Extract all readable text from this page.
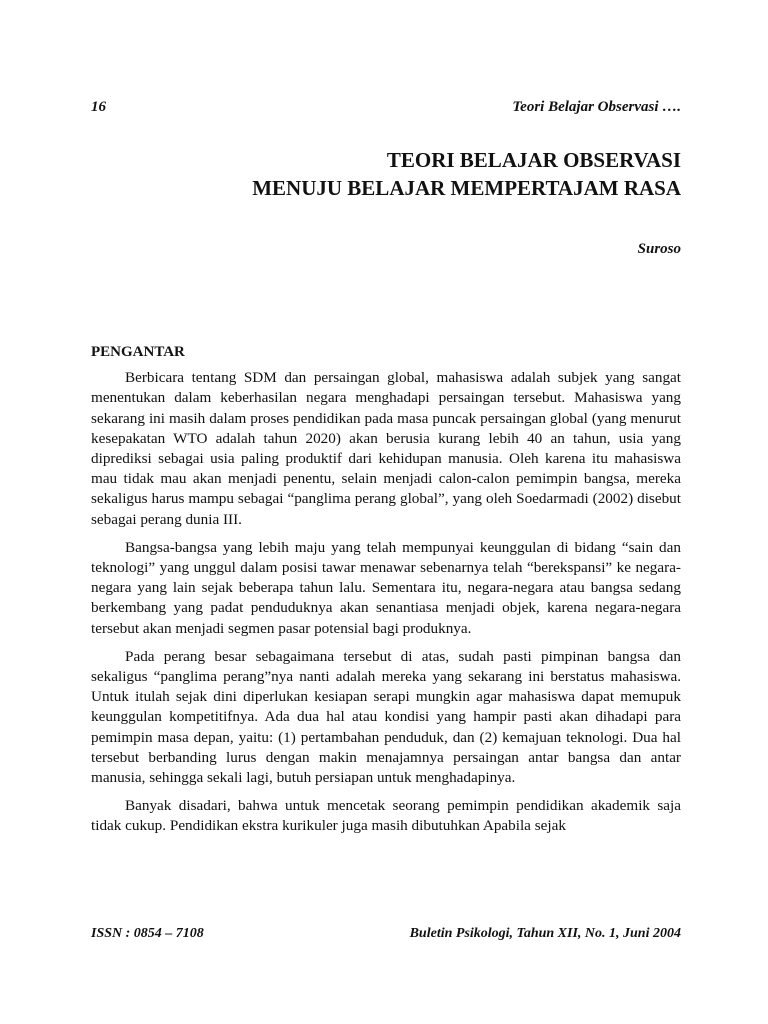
16	Teori Belajar Observasi ….
TEORI BELAJAR OBSERVASI
MENUJU BELAJAR MEMPERTAJAM RASA
Suroso
PENGANTAR

Berbicara tentang SDM dan persaingan global, mahasiswa adalah subjek yang sangat menentukan dalam keberhasilan negara menghadapi persaingan tersebut. Mahasiswa yang sekarang ini masih dalam proses pendidikan pada masa puncak persaingan global (yang menurut kesepakatan WTO adalah tahun 2020) akan berusia kurang lebih 40 an tahun, usia yang diprediksi sebagai usia paling produktif dari kehidupan manusia. Oleh karena itu mahasiswa mau tidak mau akan menjadi penentu, selain menjadi calon-calon pemimpin bangsa, mereka sekaligus harus mampu sebagai “panglima perang global”, yang oleh Soedarmadi (2002) disebut sebagai perang dunia III.

Bangsa-bangsa yang lebih maju yang telah mempunyai keunggulan di bidang “sain dan teknologi” yang unggul dalam posisi tawar menawar sebenarnya telah “berekspansi” ke negara-negara yang lain sejak beberapa tahun lalu. Sementara itu, negara-negara atau bangsa sedang berkembang yang padat penduduknya akan senantiasa menjadi objek, karena negara-negara tersebut akan menjadi segmen pasar potensial bagi produknya.

Pada perang besar sebagaimana tersebut di atas, sudah pasti pimpinan bangsa dan sekaligus “panglima perang”nya nanti adalah mereka yang sekarang ini berstatus mahasiswa. Untuk itulah sejak dini diperlukan kesiapan serapi mungkin agar mahasiswa dapat memupuk keunggulan kompetitifnya. Ada dua hal atau kondisi yang hampir pasti akan dihadapi para pemimpin masa depan, yaitu: (1) pertambahan penduduk, dan (2) kemajuan teknologi. Dua hal tersebut berbanding lurus dengan makin menajamnya persaingan antar bangsa dan antar manusia, sehingga sekali lagi, butuh persiapan untuk menghadapinya.

Banyak disadari, bahwa untuk mencetak seorang pemimpin pendidikan akademik saja tidak cukup. Pendidikan ekstra kurikuler juga masih dibutuhkan Apabila sejak

ISSN : 0854 – 7108	Buletin Psikologi, Tahun XII, No. 1, Juni 2004
